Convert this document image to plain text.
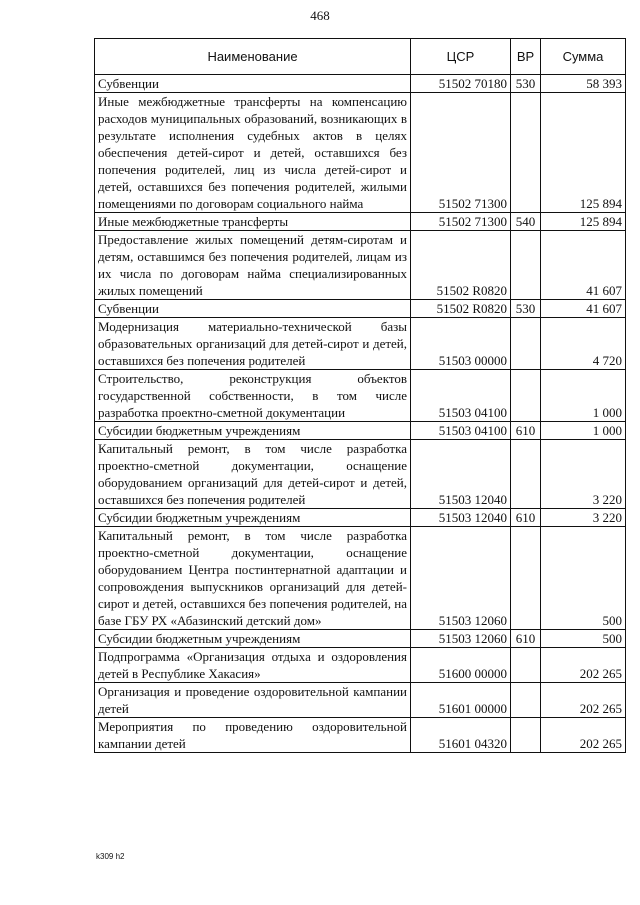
468
Наименование	ЦСР	ВР	Сумма
Субвенции	51502 70180	530	58 393
Иные межбюджетные трансферты на компенсацию расходов муниципальных образований, возникающих в результате исполнения судебных актов в целях обеспечения детей-сирот и детей, оставшихся без попечения родителей, лиц из числа детей-сирот и детей, оставшихся без попечения родителей, жилыми помещениями по договорам социального найма	51502 71300		125 894
Иные межбюджетные трансферты	51502 71300	540	125 894
Предоставление жилых помещений детям-сиротам и детям, оставшимся без попечения родителей, лицам из их числа по договорам найма специализированных жилых помещений	51502 R0820		41 607
Субвенции	51502 R0820	530	41 607
Модернизация материально-технической базы образовательных организаций для детей-сирот и детей, оставшихся без попечения родителей	51503 00000		4 720
Строительство, реконструкция объектов государственной собственности, в том числе разработка проектно-сметной документации	51503 04100		1 000
Субсидии бюджетным учреждениям	51503 04100	610	1 000
Капитальный ремонт, в том числе разработка проектно-сметной документации, оснащение оборудованием организаций для детей-сирот и детей, оставшихся без попечения родителей	51503 12040		3 220
Субсидии бюджетным учреждениям	51503 12040	610	3 220
Капитальный ремонт, в том числе разработка проектно-сметной документации, оснащение оборудованием Центра постинтернатной адаптации и сопровождения выпускников организаций для детей-сирот и детей, оставшихся без попечения родителей, на базе ГБУ РХ «Абазинский детский дом»	51503 12060		500
Субсидии бюджетным учреждениям	51503 12060	610	500
Подпрограмма «Организация отдыха и оздоровления детей в Республике Хакасия»	51600 00000		202 265
Организация и проведение оздоровительной кампании детей	51601 00000		202 265
Мероприятия по проведению оздоровительной кампании детей	51601 04320		202 265
k309 h2
